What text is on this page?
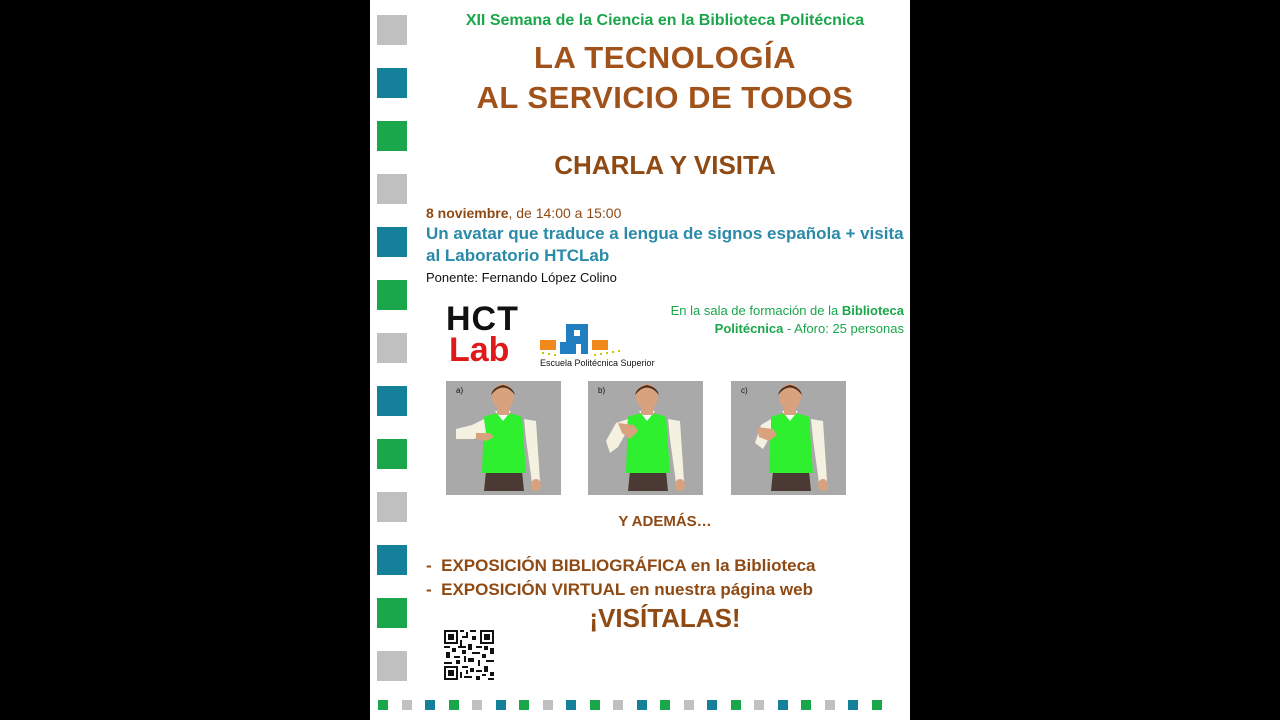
XII Semana de la Ciencia en la Biblioteca Politécnica
LA TECNOLOGÍA
AL SERVICIO DE TODOS
CHARLA Y VISITA
8 noviembre, de 14:00 a 15:00
Un avatar que traduce a lengua de signos española + visita al Laboratorio HTCLab
Ponente: Fernando López Colino
En la sala de formación de la Biblioteca Politécnica - Aforo: 25 personas
HCT
Lab	Escuela Politécnica Superior
a)	b)	c)
Y ADEMÁS…
-  EXPOSICIÓN BIBLIOGRÁFICA en la Biblioteca
-  EXPOSICIÓN VIRTUAL en nuestra página web
¡VISÍTALAS!
